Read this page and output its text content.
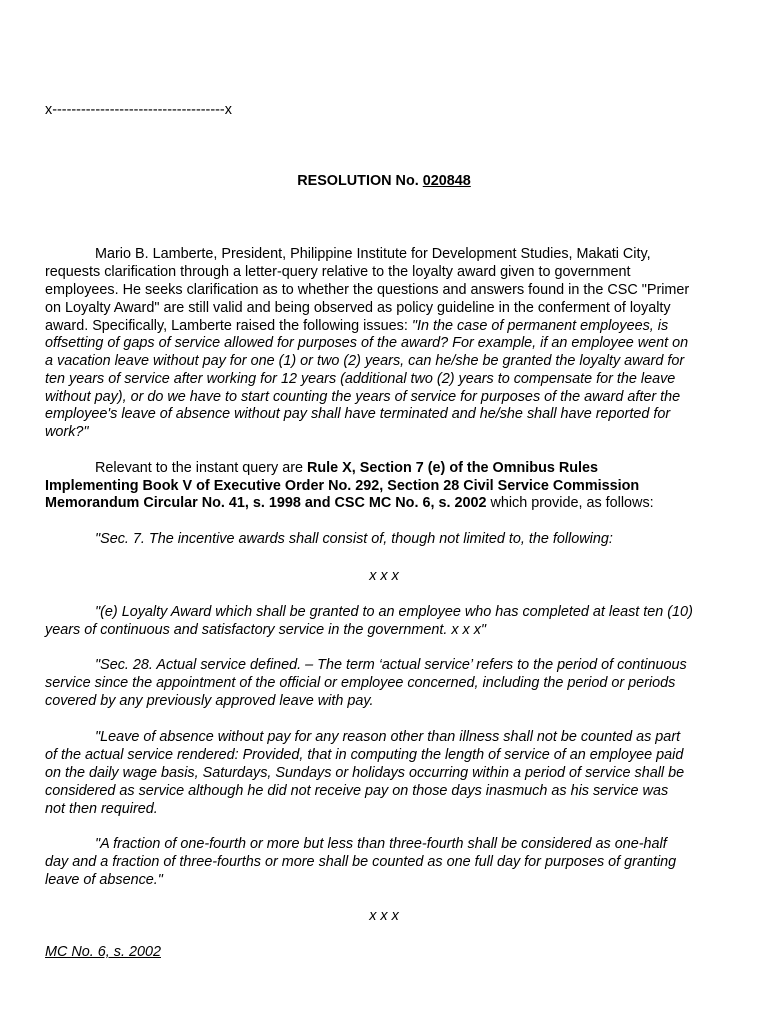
x------------------------------------x
RESOLUTION No. 020848
Mario B. Lamberte, President, Philippine Institute for Development Studies, Makati City,
requests clarification through a letter-query relative to the loyalty award given to government
employees. He seeks clarification as to whether the questions and answers found in the CSC "Primer
on Loyalty Award" are still valid and being observed as policy guideline in the conferment of loyalty
award. Specifically, Lamberte raised the following issues: "In the case of permanent employees, is
offsetting of gaps of service allowed for purposes of the award? For example, if an employee went on
a vacation leave without pay for one (1) or two (2) years, can he/she be granted the loyalty award for
ten years of service after working for 12 years (additional two (2) years to compensate for the leave
without pay), or do we have to start counting the years of service for purposes of the award after the
employee's leave of absence without pay shall have terminated and he/she shall have reported for
work?"
Relevant to the instant query are Rule X, Section 7 (e) of the Omnibus Rules
Implementing Book V of Executive Order No. 292, Section 28 Civil Service Commission
Memorandum Circular No. 41, s. 1998 and CSC MC No. 6, s. 2002 which provide, as follows:
"Sec. 7. The incentive awards shall consist of, though not limited to, the following:
x x x
"(e) Loyalty Award which shall be granted to an employee who has completed at least ten (10)
years of continuous and satisfactory service in the government. x x x"
"Sec. 28. Actual service defined. – The term ‘actual service’ refers to the period of continuous
service since the appointment of the official or employee concerned, including the period or periods
covered by any previously approved leave with pay.
"Leave of absence without pay for any reason other than illness shall not be counted as part
of the actual service rendered: Provided, that in computing the length of service of an employee paid
on the daily wage basis, Saturdays, Sundays or holidays occurring within a period of service shall be
considered as service although he did not receive pay on those days inasmuch as his service was
not then required.
"A fraction of one-fourth or more but less than three-fourth shall be considered as one-half
day and a fraction of three-fourths or more shall be counted as one full day for purposes of granting
leave of absence."
x x x
MC No. 6, s. 2002
